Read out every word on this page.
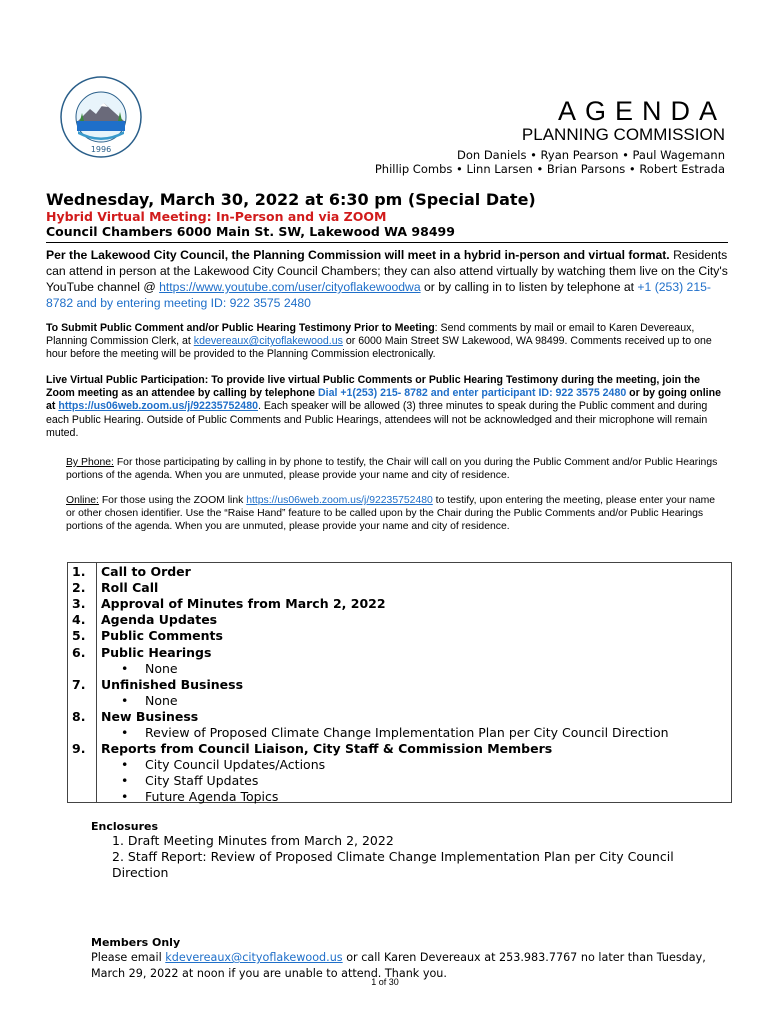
1996
AGENDA
PLANNING COMMISSION
Don Daniels • Ryan Pearson • Paul Wagemann
Phillip Combs • Linn Larsen • Brian Parsons • Robert Estrada
Wednesday, March 30, 2022 at 6:30 pm (Special Date)
Hybrid Virtual Meeting: In-Person and via ZOOM
Council Chambers 6000 Main St. SW, Lakewood WA 98499
Per the Lakewood City Council, the Planning Commission will meet in a hybrid in-person and virtual format. Residents can attend in person at the Lakewood City Council Chambers; they can also attend virtually by watching them live on the City's YouTube channel @ https://www.youtube.com/user/cityoflakewoodwa or by calling in to listen by telephone at +1 (253) 215-8782 and by entering meeting ID: 922 3575 2480
To Submit Public Comment and/or Public Hearing Testimony Prior to Meeting: Send comments by mail or email to Karen Devereaux, Planning Commission Clerk, at kdevereaux@cityoflakewood.us or 6000 Main Street SW Lakewood, WA 98499. Comments received up to one hour before the meeting will be provided to the Planning Commission electronically.
Live Virtual Public Participation: To provide live virtual Public Comments or Public Hearing Testimony during the meeting, join the Zoom meeting as an attendee by calling by telephone Dial +1(253) 215- 8782 and enter participant ID: 922 3575 2480 or by going online at https://us06web.zoom.us/j/92235752480. Each speaker will be allowed (3) three minutes to speak during the Public comment and during each Public Hearing. Outside of Public Comments and Public Hearings, attendees will not be acknowledged and their microphone will remain muted.
By Phone: For those participating by calling in by phone to testify, the Chair will call on you during the Public Comment and/or Public Hearings portions of the agenda. When you are unmuted, please provide your name and city of residence.
Online: For those using the ZOOM link https://us06web.zoom.us/j/92235752480 to testify, upon entering the meeting, please enter your name or other chosen identifier. Use the “Raise Hand” feature to be called upon by the Chair during the Public Comments and/or Public Hearings portions of the agenda. When you are unmuted, please provide your name and city of residence.
1. Call to Order
2. Roll Call
3. Approval of Minutes from March 2, 2022
4. Agenda Updates
5. Public Comments
6. Public Hearings
• None
7. Unfinished Business
• None
8. New Business
• Review of Proposed Climate Change Implementation Plan per City Council Direction
9. Reports from Council Liaison, City Staff & Commission Members
• City Council Updates/Actions
• City Staff Updates
• Future Agenda Topics
Enclosures
1. Draft Meeting Minutes from March 2, 2022
2. Staff Report: Review of Proposed Climate Change Implementation Plan per City Council Direction
Members Only
Please email kdevereaux@cityoflakewood.us or call Karen Devereaux at 253.983.7767 no later than Tuesday, March 29, 2022 at noon if you are unable to attend. Thank you.
1 of 30
